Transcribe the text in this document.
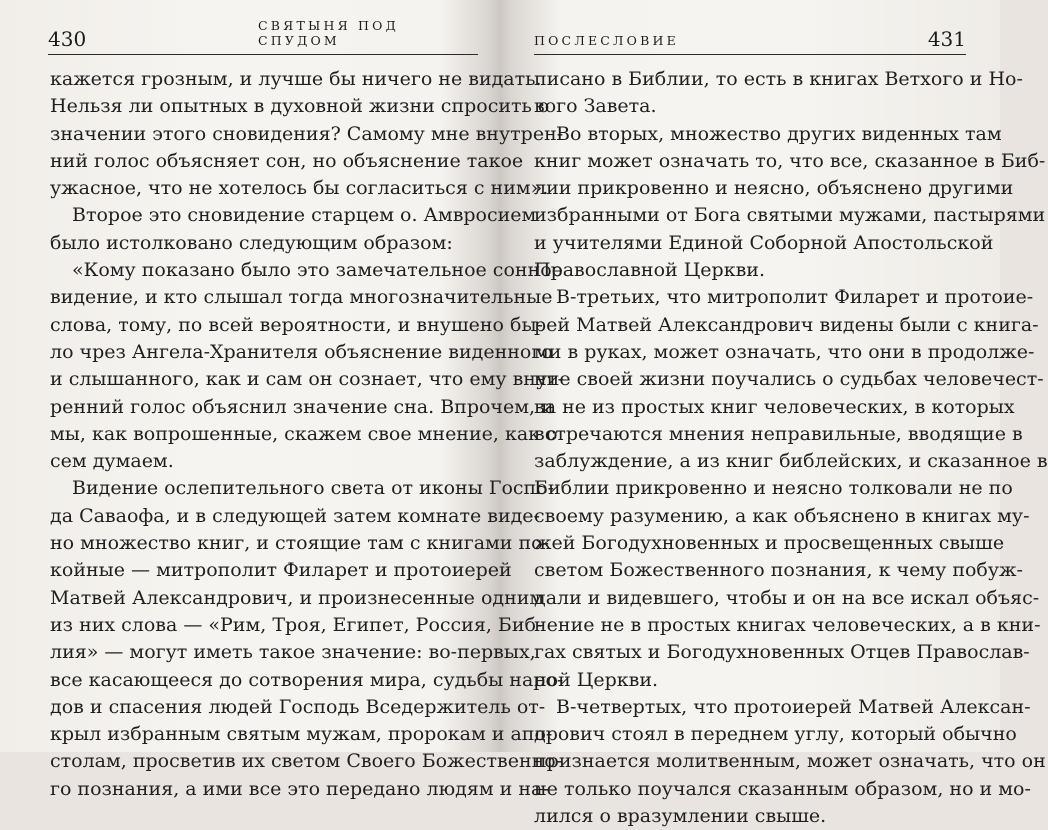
430
СВЯТЫНЯ ПОД СПУДОМ
кажется грозным, и лучше бы ничего не видать.
Нельзя ли опытных в духовной жизни спросить о
значении этого сновидения? Самому мне внутрен-
ний голос объясняет сон, но объяснение такое
ужасное, что не хотелось бы согласиться с ним».
Второе это сновидение старцем о. Амвросием
было истолковано следующим образом:
«Кому показано было это замечательное сонное
видение, и кто слышал тогда многозначительные
слова, тому, по всей вероятности, и внушено бы-
ло чрез Ангела-Хранителя объяснение виденного
и слышанного, как и сам он сознает, что ему внут-
ренний голос объяснил значение сна. Впрочем, и
мы, как вопрошенные, скажем свое мнение, как о
сем думаем.
Видение ослепительного света от иконы Госпо-
да Саваофа, и в следующей затем комнате виде-
но множество книг, и стоящие там с книгами по-
койные — митрополит Филарет и протоиерей
Матвей Александрович, и произнесенные одним
из них слова — «Рим, Троя, Египет, Россия, Биб-
лия» — могут иметь такое значение: во-первых,
все касающееся до сотворения мира, судьбы наро-
дов и спасения людей Господь Вседержитель от-
крыл избранным святым мужам, пророкам и апо-
столам, просветив их светом Своего Божественно-
го познания, а ими все это передано людям и на-
ПОСЛЕСЛОВИЕ	431
писано в Библии, то есть в книгах Ветхого и Но-
вого Завета.
Во вторых, множество других виденных там
книг может означать то, что все, сказанное в Биб-
лии прикровенно и неясно, объяснено другими
избранными от Бога святыми мужами, пастырями
и учителями Единой Соборной Апостольской
Православной Церкви.
В-третьих, что митрополит Филарет и протоие-
рей Матвей Александрович видены были с книга-
ми в руках, может означать, что они в продолже-
ние своей жизни поучались о судьбах человечест-
ва не из простых книг человеческих, в которых
встречаются мнения неправильные, вводящие в
заблуждение, а из книг библейских, и сказанное в
Библии прикровенно и неясно толковали не по
своему разумению, а как объяснено в книгах му-
жей Богодухновенных и просвещенных свыше
светом Божественного познания, к чему побуж-
дали и видевшего, чтобы и он на все искал объяс-
нение не в простых книгах человеческих, а в кни-
гах святых и Богодухновенных Отцев Православ-
ной Церкви.
В-четвертых, что протоиерей Матвей Алексан-
дрович стоял в переднем углу, который обычно
признается молитвенным, может означать, что он
не только поучался сказанным образом, но и мо-
лился о вразумлении свыше.
